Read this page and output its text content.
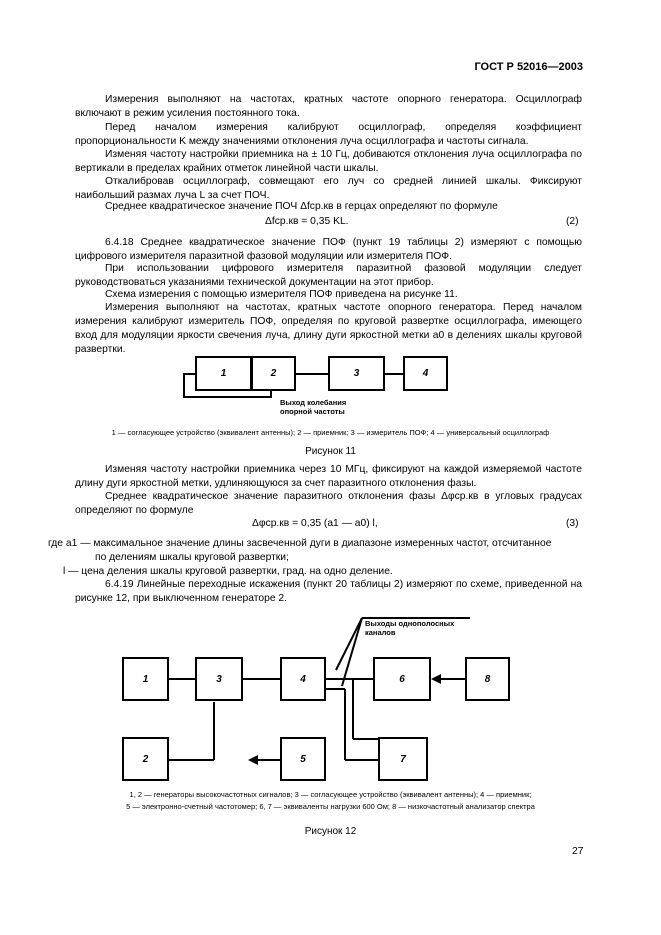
ГОСТ Р 52016—2003
Измерения выполняют на частотах, кратных частоте опорного генератора. Осциллограф включают в режим усиления постоянного тока.
Перед началом измерения калибруют осциллограф, определяя коэффициент пропорциональности K между значениями отклонения луча осциллографа и частоты сигнала.
Изменяя частоту настройки приемника на ± 10 Гц, добиваются отклонения луча осциллографа по вертикали в пределах крайних отметок линейной части шкалы.
Откалибровав осциллограф, совмещают его луч со средней линией шкалы. Фиксируют наибольший размах луча L за счет ПОЧ.
Среднее квадратическое значение ПОЧ Δfср.кв в герцах определяют по формуле
Δfср.кв = 0,35 KL.	(2)
6.4.18 Среднее квадратическое значение ПОФ (пункт 19 таблицы 2) измеряют с помощью цифрового измерителя паразитной фазовой модуляции или измерителя ПОФ.
При использовании цифрового измерителя паразитной фазовой модуляции следует руководствоваться указаниями технической документации на этот прибор.
Схема измерения с помощью измерителя ПОФ приведена на рисунке 11.
Измерения выполняют на частотах, кратных частоте опорного генератора. Перед началом измерения калибруют измеритель ПОФ, определяя по круговой развертке осциллографа, имеющего вход для модуляции яркости свечения луча, длину дуги яркостной метки a0 в делениях шкалы круговой развертки.
1	2	3	4
Выход колебания опорной частоты
1 — согласующее устройство (эквивалент антенны); 2 — приемник; 3 — измеритель ПОФ; 4 — универсальный осциллограф
Рисунок 11
Изменяя частоту настройки приемника через 10 МГц, фиксируют на каждой измеряемой частоте длину дуги яркостной метки, удлиняющуюся за счет паразитного отклонения фазы.
Среднее квадратическое значение паразитного отклонения фазы Δφср.кв в угловых градусах определяют по формуле
Δφср.кв = 0,35 (a1 — a0) l,	(3)
где a1 — максимальное значение длины засвеченной дуги в диапазоне измеренных частот, отсчитанное
по делениям шкалы круговой развертки;
l — цена деления шкалы круговой развертки, град. на одно деление.
6.4.19 Линейные переходные искажения (пункт 20 таблицы 2) измеряют по схеме, приведенной на рисунке 12, при выключенном генераторе 2.
1	3	4	6	8
2	5	7
Выходы однополосных каналов
1, 2 — генераторы высокочастотных сигналов; 3 — согласующее устройство (эквивалент антенны); 4 — приемник;
5 — электронно-счетный частотомер; 6, 7 — эквиваленты нагрузки 600 Ом; 8 — низкочастотный анализатор спектра
Рисунок 12
27
